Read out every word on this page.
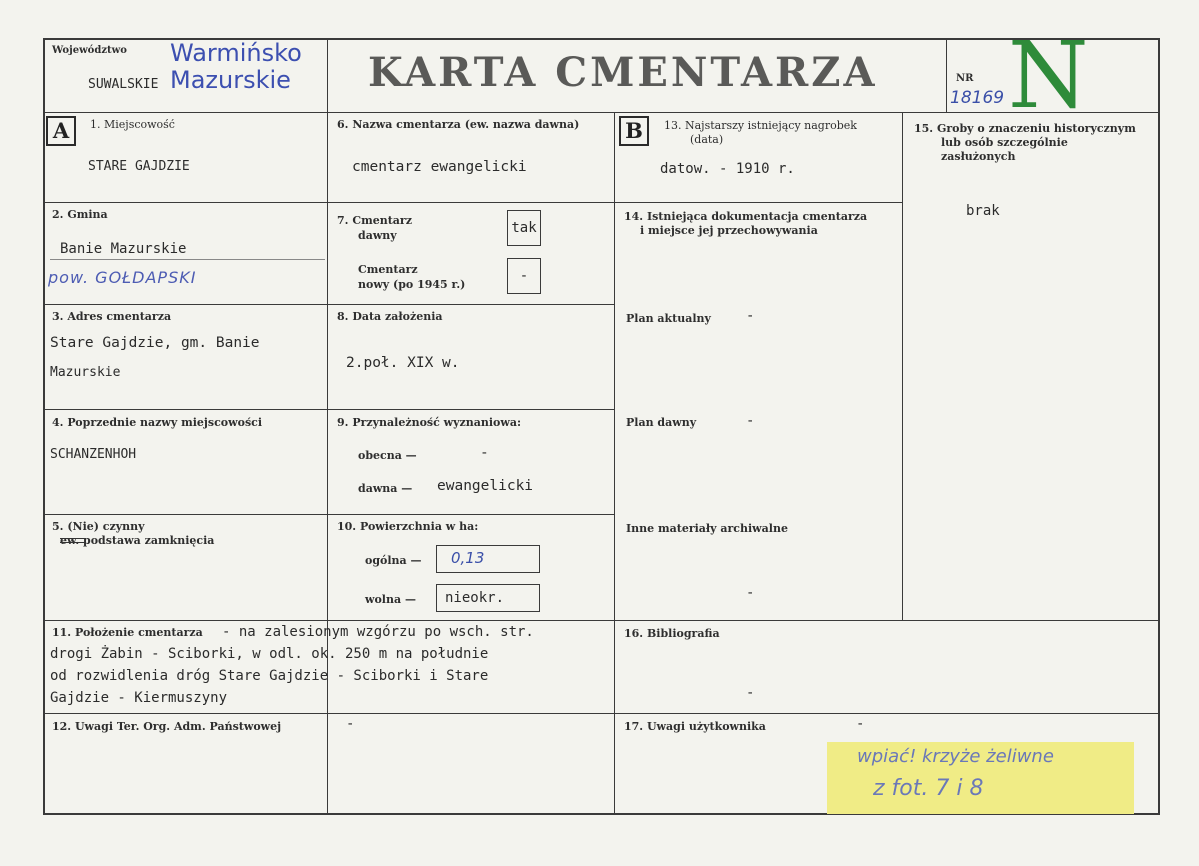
Województwo
SUWALSKIE
Warmińsko
Mazurskie KARTA CMENTARZA	NR
18169 N
A	1. Miejscowość
STARE GAJDZIE
2. Gmina
Banie Mazurskie
pow. GOŁDAPSKI
3. Adres cmentarza
Stare Gajdzie, gm. Banie
Mazurskie
4. Poprzednie nazwy miejscowości
SCHANZENHOH
5. (Nie) czynny
ew. podstawa zamknięcia
6. Nazwa cmentarza (ew. nazwa dawna)
cmentarz ewangelicki
7. Cmentarz
dawny	tak
Cmentarz
nowy (po 1945 r.)
-
8. Data założenia
2.poł. XIX w.
9. Przynależność wyznaniowa:
obecna —	-
dawna — ewangelicki
10. Powierzchnia w ha:
ogólna — 0,13
wolna — nieokr.
B	13. Najstarszy istniejący nagrobek
(data)
datow. - 1910 r.
14. Istniejąca dokumentacja cmentarza
i miejsce jej przechowywania
Plan aktualny	-
Plan dawny	-
Inne materiały archiwalne
-
15. Groby o znaczeniu historycznym
lub osób szczególnie
zasłużonych
brak
11. Położenie cmentarza - na zalesionym wzgórzu po wsch. str.
drogi Żabin - Sciborki, w odl. ok. 250 m na południe
od rozwidlenia dróg Stare Gajdzie - Sciborki i Stare
Gajdzie - Kiermuszyny
12. Uwagi Ter. Org. Adm. Państwowej	-
16. Bibliografia
-
17. Uwagi użytkownika	-
wpiać! krzyże żeliwne
z fot. 7 i 8
